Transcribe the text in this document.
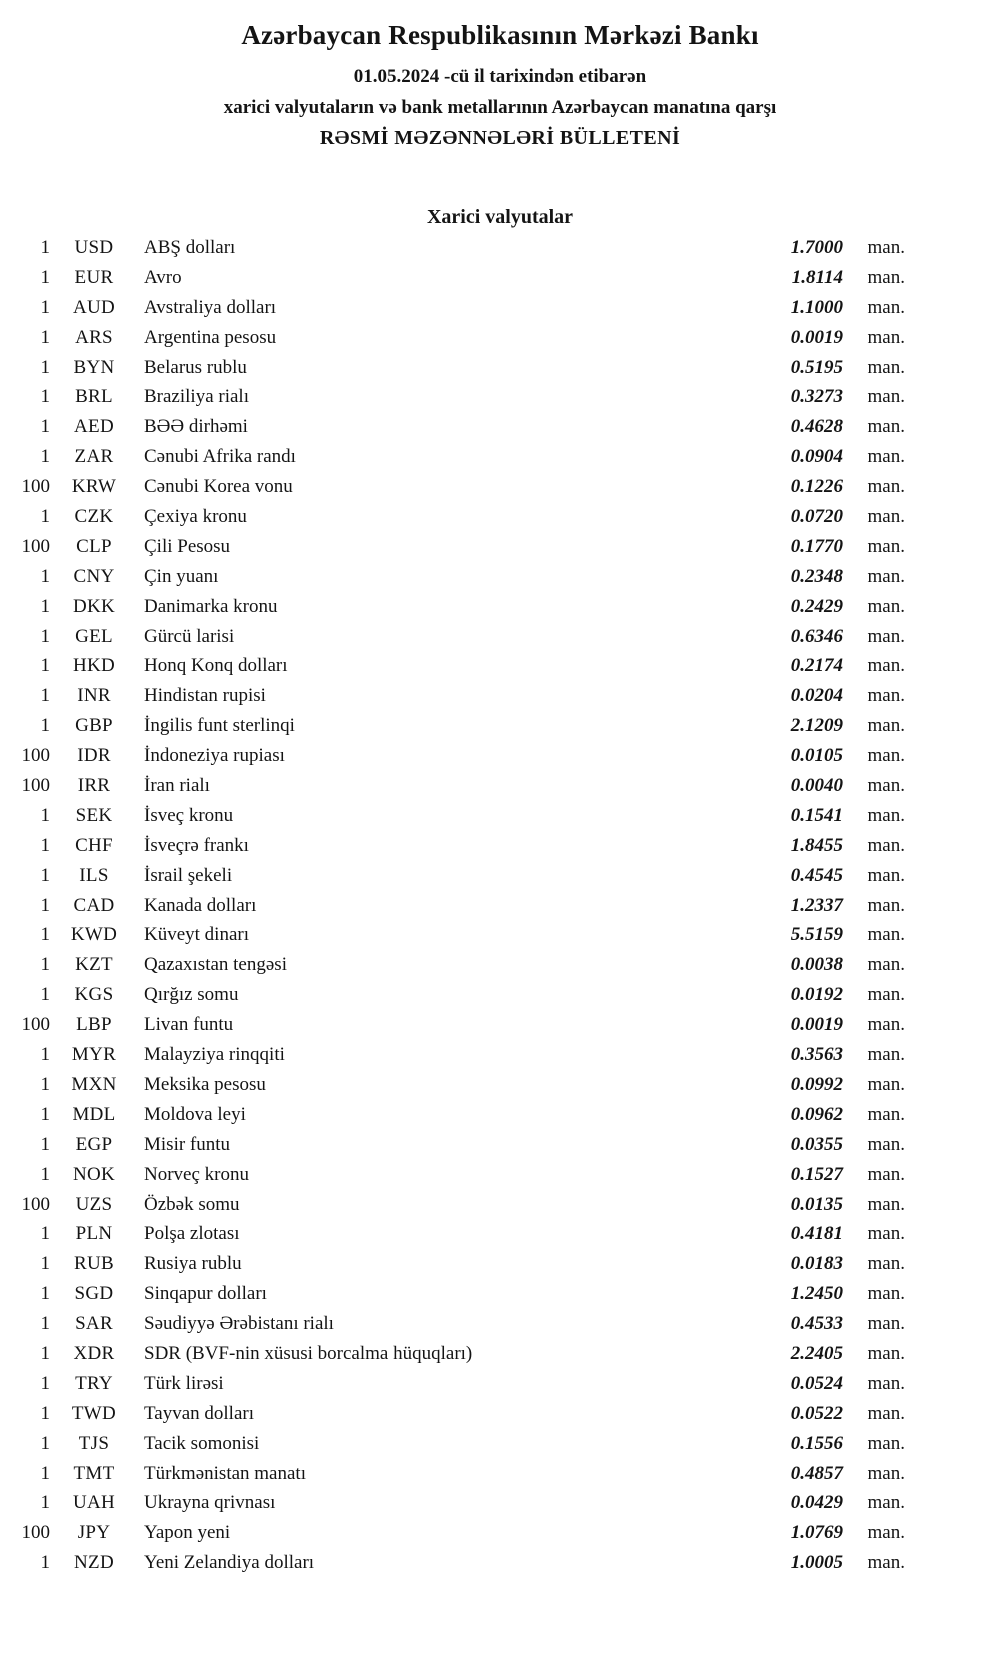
Azərbaycan Respublikasının Mərkəzi Bankı
01.05.2024 -cü il tarixindən etibarən
xarici valyutaların və bank metallarının Azərbaycan manatına qarşı
RƏSMİ MƏZƏNNƏLƏRİ BÜLLETENİ
Xarici valyutalar
1	USD	ABŞ dolları	1.7000	man.
1	EUR	Avro	1.8114	man.
1	AUD	Avstraliya dolları	1.1000	man.
1	ARS	Argentina pesosu	0.0019	man.
1	BYN	Belarus rublu	0.5195	man.
1	BRL	Braziliya rialı	0.3273	man.
1	AED	BƏƏ dirhəmi	0.4628	man.
1	ZAR	Cənubi Afrika randı	0.0904	man.
100	KRW	Cənubi Korea vonu	0.1226	man.
1	CZK	Çexiya kronu	0.0720	man.
100	CLP	Çili Pesosu	0.1770	man.
1	CNY	Çin yuanı	0.2348	man.
1	DKK	Danimarka kronu	0.2429	man.
1	GEL	Gürcü larisi	0.6346	man.
1	HKD	Honq Konq dolları	0.2174	man.
1	INR	Hindistan rupisi	0.0204	man.
1	GBP	İngilis funt sterlinqi	2.1209	man.
100	IDR	İndoneziya rupiası	0.0105	man.
100	IRR	İran rialı	0.0040	man.
1	SEK	İsveç kronu	0.1541	man.
1	CHF	İsveçrə frankı	1.8455	man.
1	ILS	İsrail şekeli	0.4545	man.
1	CAD	Kanada dolları	1.2337	man.
1	KWD	Küveyt dinarı	5.5159	man.
1	KZT	Qazaxıstan tengəsi	0.0038	man.
1	KGS	Qırğız somu	0.0192	man.
100	LBP	Livan funtu	0.0019	man.
1	MYR	Malayziya rinqqiti	0.3563	man.
1	MXN	Meksika pesosu	0.0992	man.
1	MDL	Moldova leyi	0.0962	man.
1	EGP	Misir funtu	0.0355	man.
1	NOK	Norveç kronu	0.1527	man.
100	UZS	Özbək somu	0.0135	man.
1	PLN	Polşa zlotası	0.4181	man.
1	RUB	Rusiya rublu	0.0183	man.
1	SGD	Sinqapur dolları	1.2450	man.
1	SAR	Səudiyyə Ərəbistanı rialı	0.4533	man.
1	XDR	SDR (BVF-nin xüsusi borcalma hüquqları)	2.2405	man.
1	TRY	Türk lirəsi	0.0524	man.
1	TWD	Tayvan dolları	0.0522	man.
1	TJS	Tacik somonisi	0.1556	man.
1	TMT	Türkmənistan manatı	0.4857	man.
1	UAH	Ukrayna qrivnası	0.0429	man.
100	JPY	Yapon yeni	1.0769	man.
1	NZD	Yeni Zelandiya dolları	1.0005	man.
